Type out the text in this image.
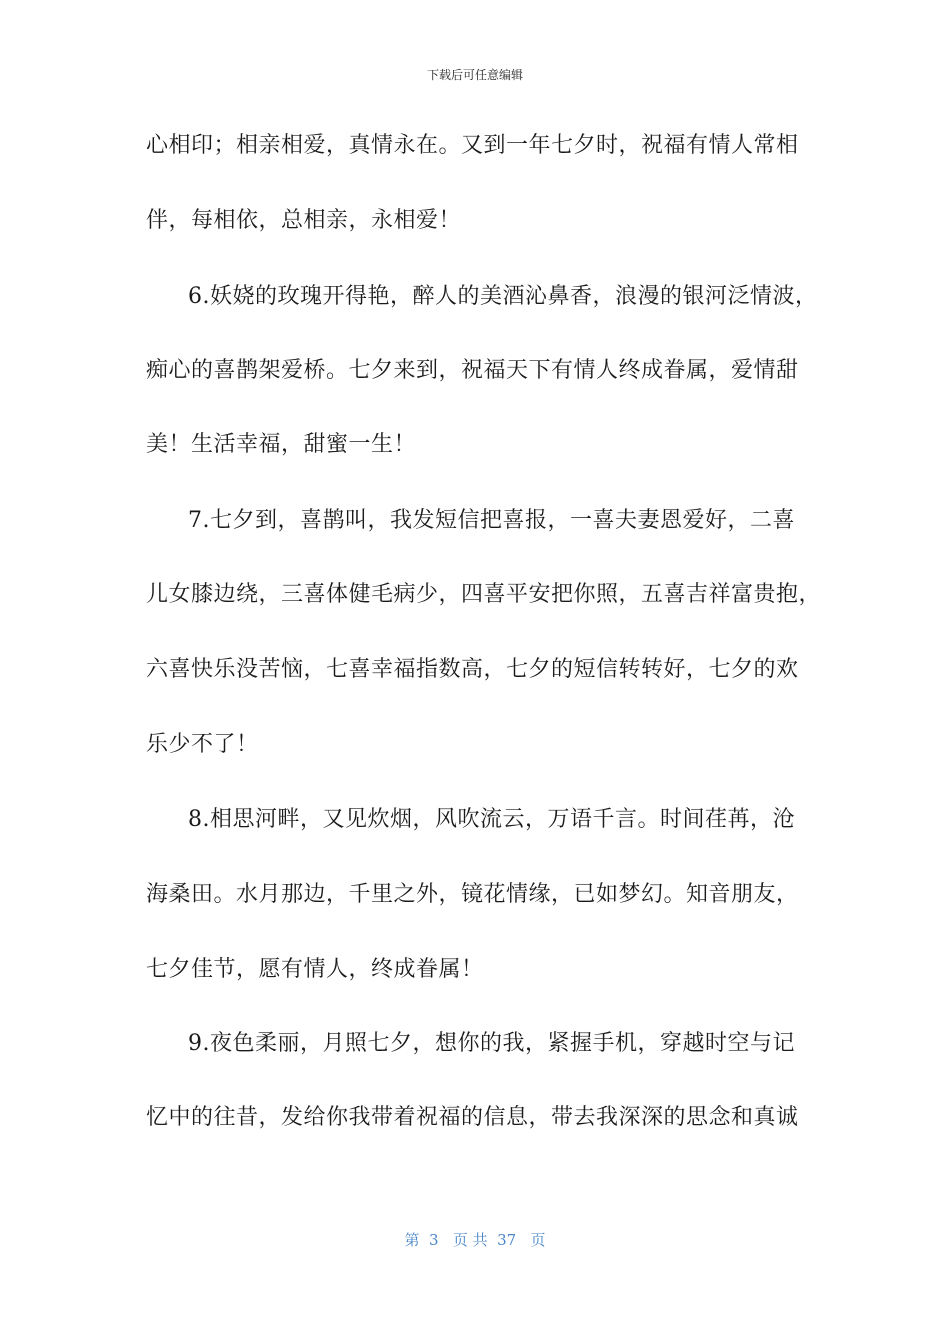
下载后可任意编辑
心相印；相亲相爱，真情永在。又到一年七夕时，祝福有情人常相
伴，每相依，总相亲，永相爱！
6.妖娆的玫瑰开得艳，醉人的美酒沁鼻香，浪漫的银河泛情波，
痴心的喜鹊架爱桥。七夕来到，祝福天下有情人终成眷属，爱情甜
美！生活幸福，甜蜜一生！
7.七夕到，喜鹊叫，我发短信把喜报，一喜夫妻恩爱好，二喜
儿女膝边绕，三喜体健毛病少，四喜平安把你照，五喜吉祥富贵抱，
六喜快乐没苦恼，七喜幸福指数高，七夕的短信转转好，七夕的欢
乐少不了！
8.相思河畔，又见炊烟，风吹流云，万语千言。时间荏苒，沧
海桑田。水月那边，千里之外，镜花情缘，已如梦幻。知音朋友，
七夕佳节，愿有情人，终成眷属！
9.夜色柔丽，月照七夕，想你的我，紧握手机，穿越时空与记
忆中的往昔，发给你我带着祝福的信息，带去我深深的思念和真诚
第  3   页 共  37   页
